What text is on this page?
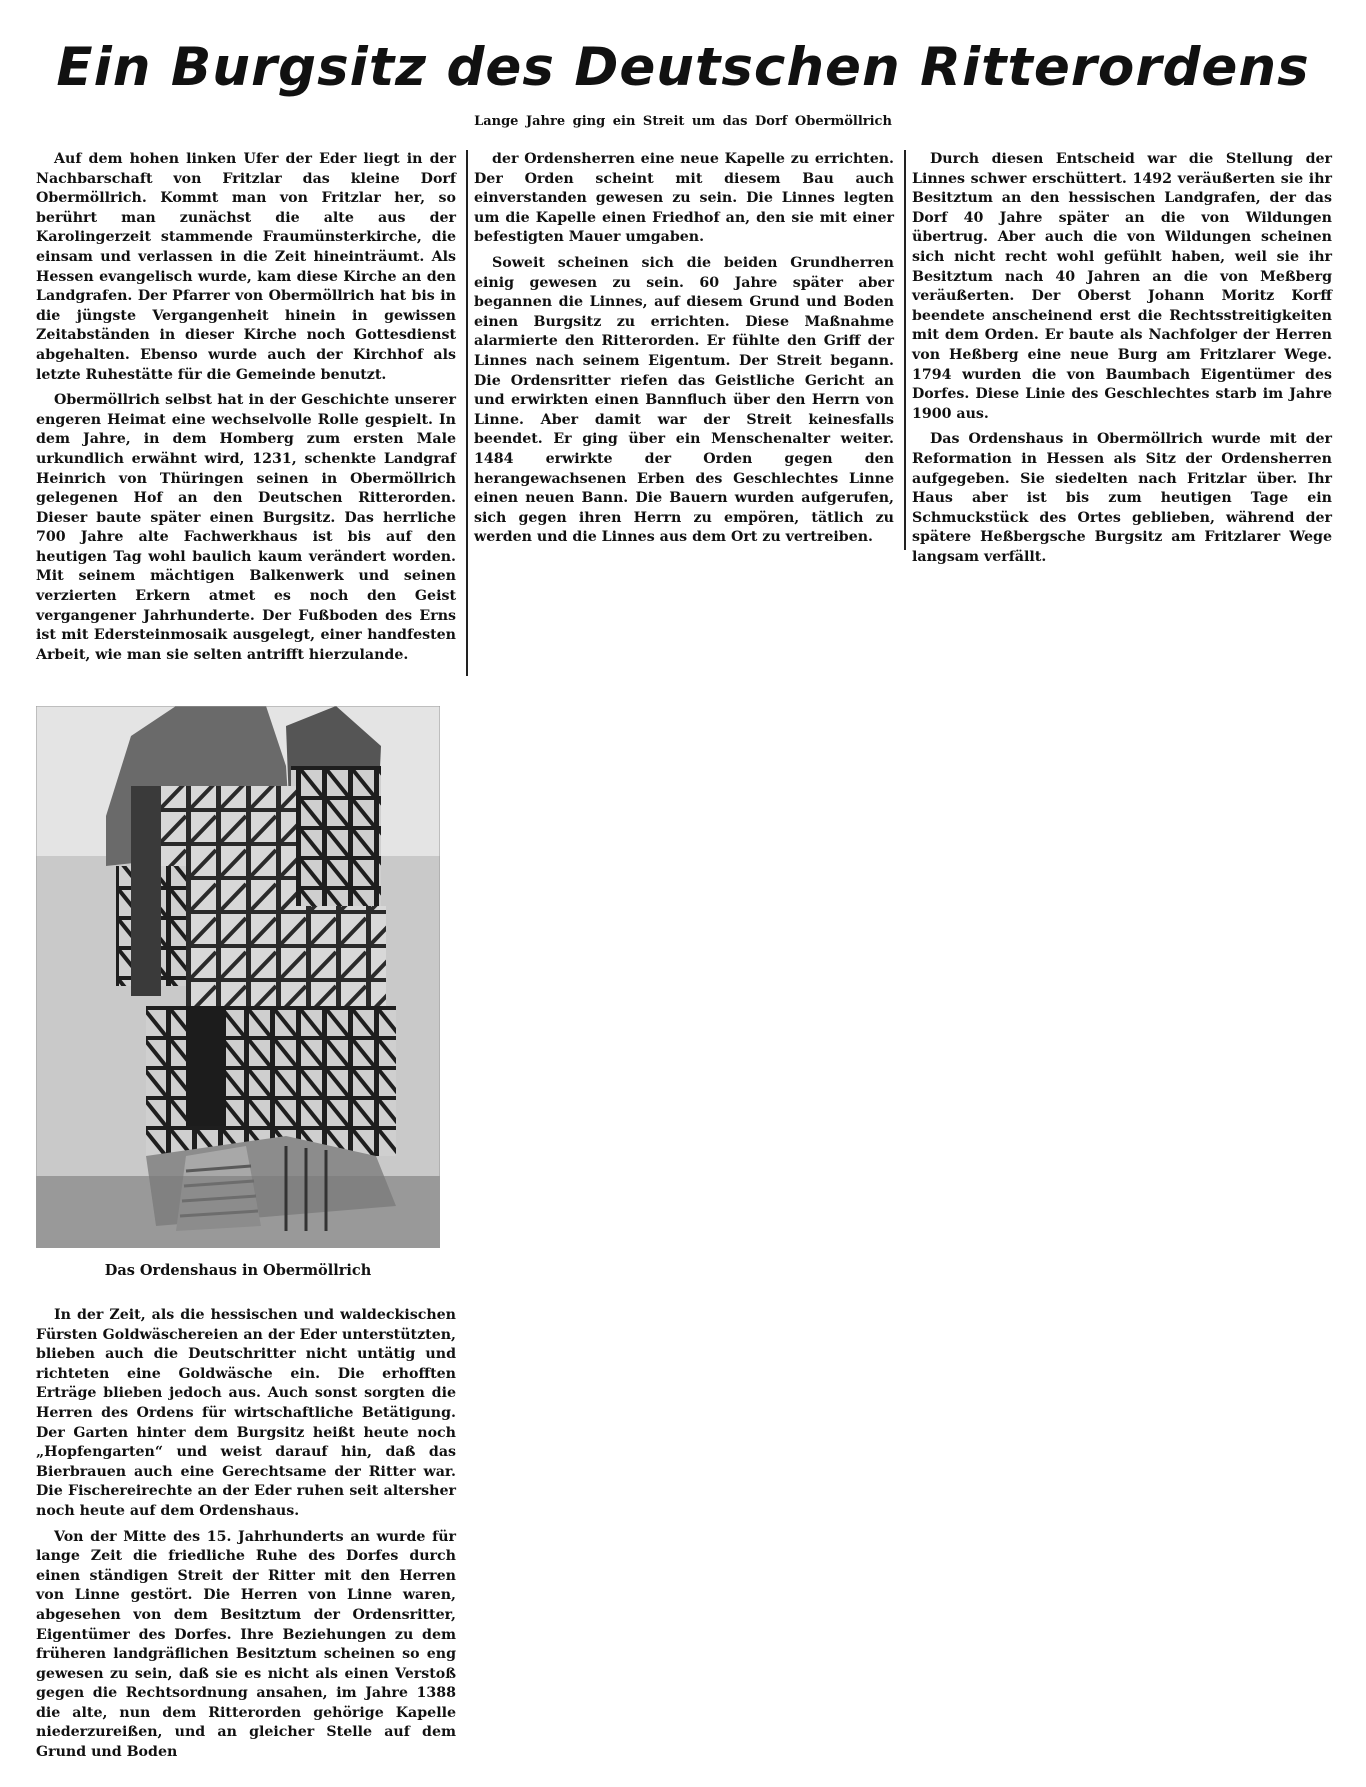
Ein Burgsitz des Deutschen Ritterordens
Lange Jahre ging ein Streit um das Dorf Obermöllrich

Auf dem hohen linken Ufer der Eder liegt in der Nachbarschaft von Fritzlar das kleine Dorf Obermöllrich. Kommt man von Fritzlar her, so berührt man zunächst die alte aus der Karolingerzeit stammende Fraumünsterkirche, die einsam und verlassen in die Zeit hineinträumt. Als Hessen evangelisch wurde, kam diese Kirche an den Landgrafen. Der Pfarrer von Obermöllrich hat bis in die jüngste Vergangenheit hinein in gewissen Zeitabständen in dieser Kirche noch Gottesdienst abgehalten. Ebenso wurde auch der Kirchhof als letzte Ruhestätte für die Gemeinde benutzt.

Obermöllrich selbst hat in der Geschichte unserer engeren Heimat eine wechselvolle Rolle gespielt. In dem Jahre, in dem Homberg zum ersten Male urkundlich erwähnt wird, 1231, schenkte Landgraf Heinrich von Thüringen seinen in Obermöllrich gelegenen Hof an den Deutschen Ritterorden. Dieser baute später einen Burgsitz. Das herrliche 700 Jahre alte Fachwerkhaus ist bis auf den heutigen Tag wohl baulich kaum verändert worden. Mit seinem mächtigen Balkenwerk und seinen verzierten Erkern atmet es noch den Geist vergangener Jahrhunderte. Der Fußboden des Erns ist mit Edersteinmosaik ausgelegt, einer handfesten Arbeit, wie man sie selten antrifft hierzulande.

der Ordensherren eine neue Kapelle zu errichten. Der Orden scheint mit diesem Bau auch einverstanden gewesen zu sein. Die Linnes legten um die Kapelle einen Friedhof an, den sie mit einer befestigten Mauer umgaben.

Soweit scheinen sich die beiden Grundherren einig gewesen zu sein. 60 Jahre später aber begannen die Linnes, auf diesem Grund und Boden einen Burgsitz zu errichten. Diese Maßnahme alarmierte den Ritterorden. Er fühlte den Griff der Linnes nach seinem Eigentum. Der Streit begann. Die Ordensritter riefen das Geistliche Gericht an und erwirkten einen Bannfluch über den Herrn von Linne. Aber damit war der Streit keinesfalls beendet. Er ging über ein Menschenalter weiter. 1484 erwirkte der Orden gegen den herangewachsenen Erben des Geschlechtes Linne einen neuen Bann. Die Bauern wurden aufgerufen, sich gegen ihren Herrn zu empören, tätlich zu werden und die Linnes aus dem Ort zu vertreiben.

Durch diesen Entscheid war die Stellung der Linnes schwer erschüttert. 1492 veräußerten sie ihr Besitztum an den hessischen Landgrafen, der das Dorf 40 Jahre später an die von Wildungen übertrug. Aber auch die von Wildungen scheinen sich nicht recht wohl gefühlt haben, weil sie ihr Besitztum nach 40 Jahren an die von Meßberg veräußerten. Der Oberst Johann Moritz Korff beendete anscheinend erst die Rechtsstreitigkeiten mit dem Orden. Er baute als Nachfolger der Herren von Heßberg eine neue Burg am Fritzlarer Wege. 1794 wurden die von Baumbach Eigentümer des Dorfes. Diese Linie des Geschlechtes starb im Jahre 1900 aus.

Das Ordenshaus in Obermöllrich wurde mit der Reformation in Hessen als Sitz der Ordensherren aufgegeben. Sie siedelten nach Fritzlar über. Ihr Haus aber ist bis zum heutigen Tage ein Schmuckstück des Ortes geblieben, während der spätere Heßbergsche Burgsitz am Fritzlarer Wege langsam verfällt.

Das Ordenshaus in Obermöllrich

In der Zeit, als die hessischen und waldeckischen Fürsten Goldwäschereien an der Eder unterstützten, blieben auch die Deutschritter nicht untätig und richteten eine Goldwäsche ein. Die erhofften Erträge blieben jedoch aus. Auch sonst sorgten die Herren des Ordens für wirtschaftliche Betätigung. Der Garten hinter dem Burgsitz heißt heute noch „Hopfengarten“ und weist darauf hin, daß das Bierbrauen auch eine Gerechtsame der Ritter war. Die Fischereirechte an der Eder ruhen seit altersher noch heute auf dem Ordenshaus.

Von der Mitte des 15. Jahrhunderts an wurde für lange Zeit die friedliche Ruhe des Dorfes durch einen ständigen Streit der Ritter mit den Herren von Linne gestört. Die Herren von Linne waren, abgesehen von dem Besitztum der Ordensritter, Eigentümer des Dorfes. Ihre Beziehungen zu dem früheren landgräflichen Besitztum scheinen so eng gewesen zu sein, daß sie es nicht als einen Verstoß gegen die Rechtsordnung ansahen, im Jahre 1388 die alte, nun dem Ritterorden gehörige Kapelle niederzureißen, und an gleicher Stelle auf dem Grund und Boden
